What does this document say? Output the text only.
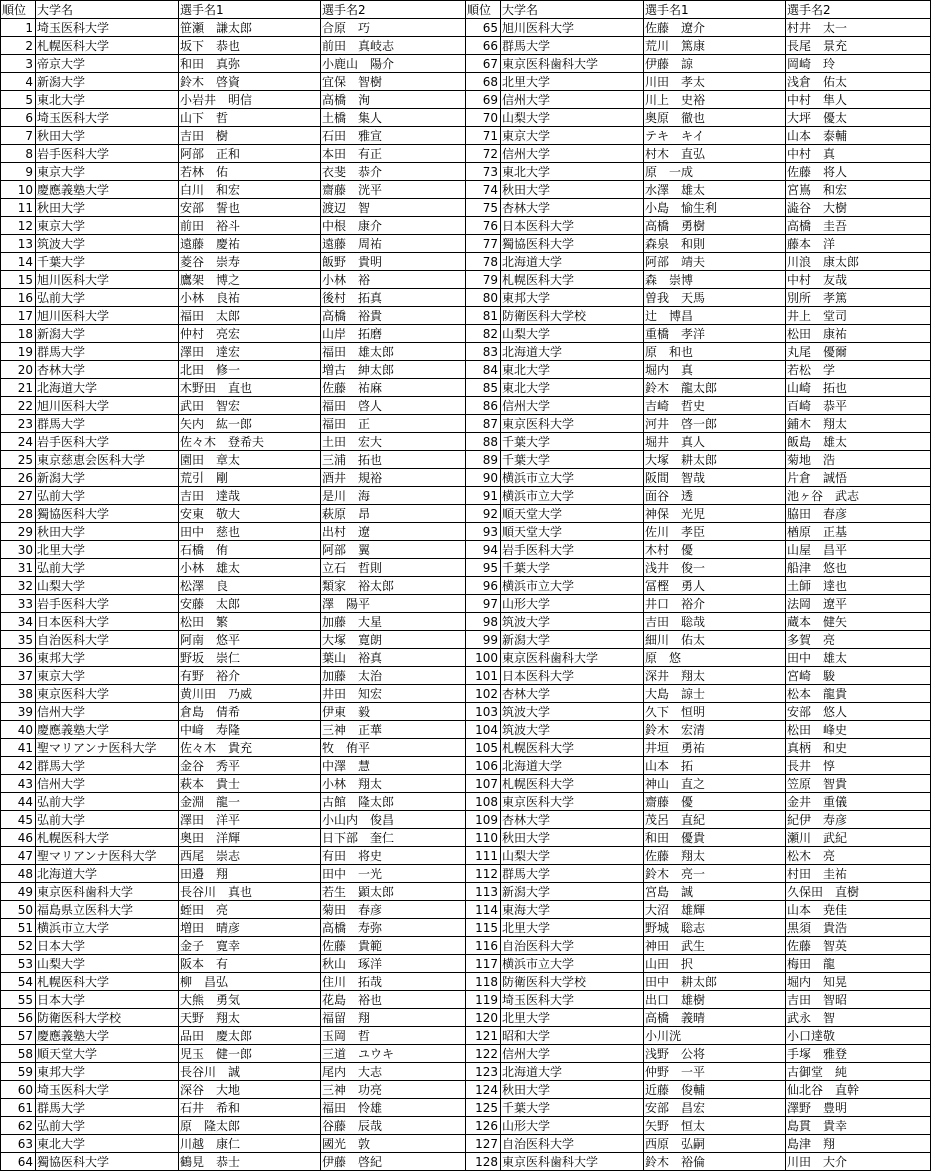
順位	大学名	選手名1	選手名2	順位	大学名	選手名1	選手名2
1	埼玉医科大学	笹瀬　謙太郎	合原　巧	65	旭川医科大学	佐藤　遼介	村井　太一
2	札幌医科大学	坂下　恭也	前田　真岐志	66	群馬大学	荒川　篤康	長尾　景充
3	帝京大学	和田　真弥	小鹿山　陽介	67	東京医科歯科大学	伊藤　諒	岡崎　玲
4	新潟大学	鈴木　啓資	宜保　智樹	68	北里大学	川田　孝太	浅倉　佑太
5	東北大学	小岩井　明信	高橋　洵	69	信州大学	川上　史裕	中村　隼人
6	埼玉医科大学	山下　哲	土橋　集人	70	山梨大学	奥原　徹也	大坪　優太
7	秋田大学	吉田　樹	石田　雅宣	71	東京大学	テキ　キイ	山本　泰輔
8	岩手医科大学	阿部　正和	本田　有正	72	信州大学	村木　直弘	中村　真
9	東京大学	若林　佑	衣斐　恭介	73	東北大学	原　一成	佐藤　将人
10	慶應義塾大学	白川　和宏	齋藤　洸平	74	秋田大学	水澤　雄太	宮嶌　和宏
11	秋田大学	安部　誓也	渡辺　智	75	杏林大学	小島　愉生利	澁谷　大樹
12	東京大学	前田　裕斗	中根　康介	76	日本医科大学	高橋　勇樹	高橋　圭吾
13	筑波大学	遠藤　慶祐	遠藤　周祐	77	獨協医科大学	森泉　和則	藤本　洋
14	千葉大学	菱谷　崇寿	飯野　貴明	78	北海道大学	阿部　靖夫	川浪　康太郎
15	旭川医科大学	鷹架　博之	小林　裕	79	札幌医科大学	森　崇博	中村　友哉
16	弘前大学	小林　良祐	後村　拓真	80	東邦大学	曽我　天馬	別所　孝篤
17	旭川医科大学	福田　太郎	高橋　裕貴	81	防衛医科大学校	辻　博昌	井上　堂司
18	新潟大学	仲村　亮宏	山岸　拓磨	82	山梨大学	重橋　孝洋	松田　康祐
19	群馬大学	澤田　達宏	福田　雄太郎	83	北海道大学	原　和也	丸尾　優爾
20	杏林大学	北田　修一	増古　紳太郎	84	東北大学	堀内　真	若松　学
21	北海道大学	木野田　直也	佐藤　祐麻	85	東北大学	鈴木　龍太郎	山崎　拓也
22	旭川医科大学	武田　智宏	福田　啓人	86	信州大学	吉崎　哲史	百崎　恭平
23	群馬大学	矢内　紘一郎	福田　正	87	東京医科大学	河井　啓一郎	鋪木　翔太
24	岩手医科大学	佐々木　登希夫	土田　宏大	88	千葉大学	堀井　真人	飯島　雄太
25	東京慈恵会医科大学	園田　章太	三浦　拓也	89	千葉大学	大塚　耕太郎	菊地　浩
26	新潟大学	荒引　剛	酒井　規裕	90	横浜市立大学	阪間　智哉	片倉　誠悟
27	弘前大学	吉田　達哉	是川　海	91	横浜市立大学	面谷　透	池ヶ谷　武志
28	獨協医科大学	安東　敬大	萩原　昂	92	順天堂大学	神保　光児	脇田　春彦
29	秋田大学	田中　慈也	出村　遼	93	順天堂大学	佐川　孝臣	楢原　正基
30	北里大学	石橋　侑	阿部　翼	94	岩手医科大学	木村　優	山屋　昌平
31	弘前大学	小林　雄太	立石　哲則	95	千葉大学	浅井　俊一	船津　悠也
32	山梨大学	松澤　良	類家　裕太郎	96	横浜市立大学	冨樫　勇人	土師　達也
33	岩手医科大学	安藤　太郎	澤　陽平	97	山形大学	井口　裕介	法岡　遼平
34	日本医科大学	松田　繁	加藤　大星	98	筑波大学	吉田　聡哉	蔵本　健矢
35	自治医科大学	阿南　悠平	大塚　寛朗	99	新潟大学	細川　佑太	多賀　亮
36	東邦大学	野坂　崇仁	葉山　裕真	100	東京医科歯科大学	原　悠	田中　雄太
37	東京大学	有野　裕介	加藤　太治	101	日本医科大学	深井　翔太	宮崎　駿
38	東京医科大学	黄川田　乃威	井田　知宏	102	杏林大学	大島　諒士	松本　龍貴
39	信州大学	倉島　倩希	伊東　毅	103	筑波大学	久下　恒明	安部　悠人
40	慶應義塾大学	中﨑　寿隆	三神　正華	104	筑波大学	鈴木　宏清	松田　峰史
41	聖マリアンナ医科大学	佐々木　貴充	牧　侑平	105	札幌医科大学	井垣　勇祐	真柄　和史
42	群馬大学	金谷　秀平	中澤　慧	106	北海道大学	山本　拓	長井　惇
43	信州大学	萩本　貴士	小林　翔太	107	札幌医科大学	神山　直之	笠原　智貴
44	弘前大学	金淵　龍一	古館　隆太郎	108	東京医科大学	齋藤　優	金井　重儀
45	弘前大学	澤田　洋平	小山内　俊昌	109	杏林大学	茂呂　直紀	紀伊　寿彦
46	札幌医科大学	奥田　洋輝	日下部　奎仁	110	秋田大学	和田　優貴	瀬川　武紀
47	聖マリアンナ医科大学	西尾　崇志	有田　将史	111	山梨大学	佐藤　翔太	松木　亮
48	北海道大学	田邉　翔	田中　一光	112	群馬大学	鈴木　亮一	村田　圭祐
49	東京医科歯科大学	長谷川　真也	若生　顕太郎	113	新潟大学	宮島　誠	久保田　直樹
50	福島県立医科大学	蛭田　亮	菊田　春彦	114	東海大学	大沼　雄輝	山本　尭佳
51	横浜市立大学	増田　晴彦	高橋　寿弥	115	北里大学	野城　聡志	黒須　貴浩
52	日本大学	金子　寛幸	佐藤　貴範	116	自治医科大学	神田　武生	佐藤　智英
53	山梨大学	阪本　有	秋山　琢洋	117	横浜市立大学	山田　択	梅田　龍
54	札幌医科大学	柳　昌弘	住川　拓哉	118	防衛医科大学校	田中　耕太郎	堀内　知晃
55	日本大学	大熊　勇気	花島　裕也	119	埼玉医科大学	出口　雄樹	吉田　智昭
56	防衛医科大学校	天野　翔太	福留　翔	120	北里大学	高橋　義晴	武永　智
57	慶應義塾大学	品田　慶太郎	玉岡　哲	121	昭和大学	小川洸	小口達敬
58	順天堂大学	児玉　健一郎	三道　ユウキ	122	信州大学	浅野　公将	手塚　雅登
59	東邦大学	長谷川　誠	尾内　大志	123	北海道大学	仲野　一平	古御堂　純
60	埼玉医科大学	深谷　大地	三神　功亮	124	秋田大学	近藤　俊輔	仙北谷　直幹
61	群馬大学	石井　希和	福田　怜雄	125	千葉大学	安部　昌宏	澤野　豊明
62	弘前大学	原　隆太郎	谷藤　辰哉	126	山形大学	矢野　恒太	島貫　貴幸
63	東北大学	川越　康仁	國光　敦	127	自治医科大学	西原　弘嗣	島津　翔
64	獨協医科大学	鶴見　恭士	伊藤　啓紀	128	東京医科歯科大学	鈴木　裕倫	川田　大介
